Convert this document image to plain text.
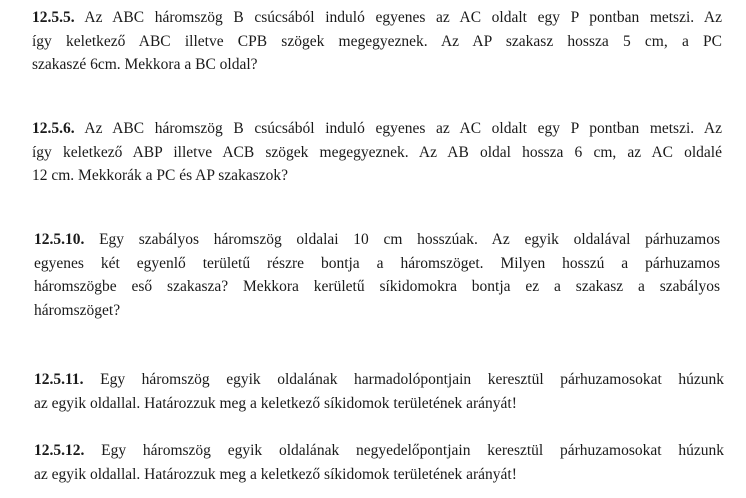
12.5.5. Az ABC háromszög B csúcsából induló egyenes az AC oldalt egy P pontban metszi. Az
így keletkező ABC illetve CPB szögek megegyeznek. Az AP szakasz hossza 5 cm, a PC
szakaszé 6cm. Mekkora a BC oldal?
12.5.6. Az ABC háromszög B csúcsából induló egyenes az AC oldalt egy P pontban metszi. Az
így keletkező ABP illetve ACB szögek megegyeznek. Az AB oldal hossza 6 cm, az AC oldalé
12 cm. Mekkorák a PC és AP szakaszok?
12.5.10. Egy szabályos háromszög oldalai 10 cm hosszúak. Az egyik oldalával párhuzamos
egyenes két egyenlő területű részre bontja a háromszöget. Milyen hosszú a párhuzamos
háromszögbe eső szakasza? Mekkora kerületű síkidomokra bontja ez a szakasz a szabályos
háromszöget?
12.5.11. Egy háromszög egyik oldalának harmadolópontjain keresztül párhuzamosokat húzunk
az egyik oldallal. Határozzuk meg a keletkező síkidomok területének arányát!
12.5.12. Egy háromszög egyik oldalának negyedelőpontjain keresztül párhuzamosokat húzunk
az egyik oldallal. Határozzuk meg a keletkező síkidomok területének arányát!
